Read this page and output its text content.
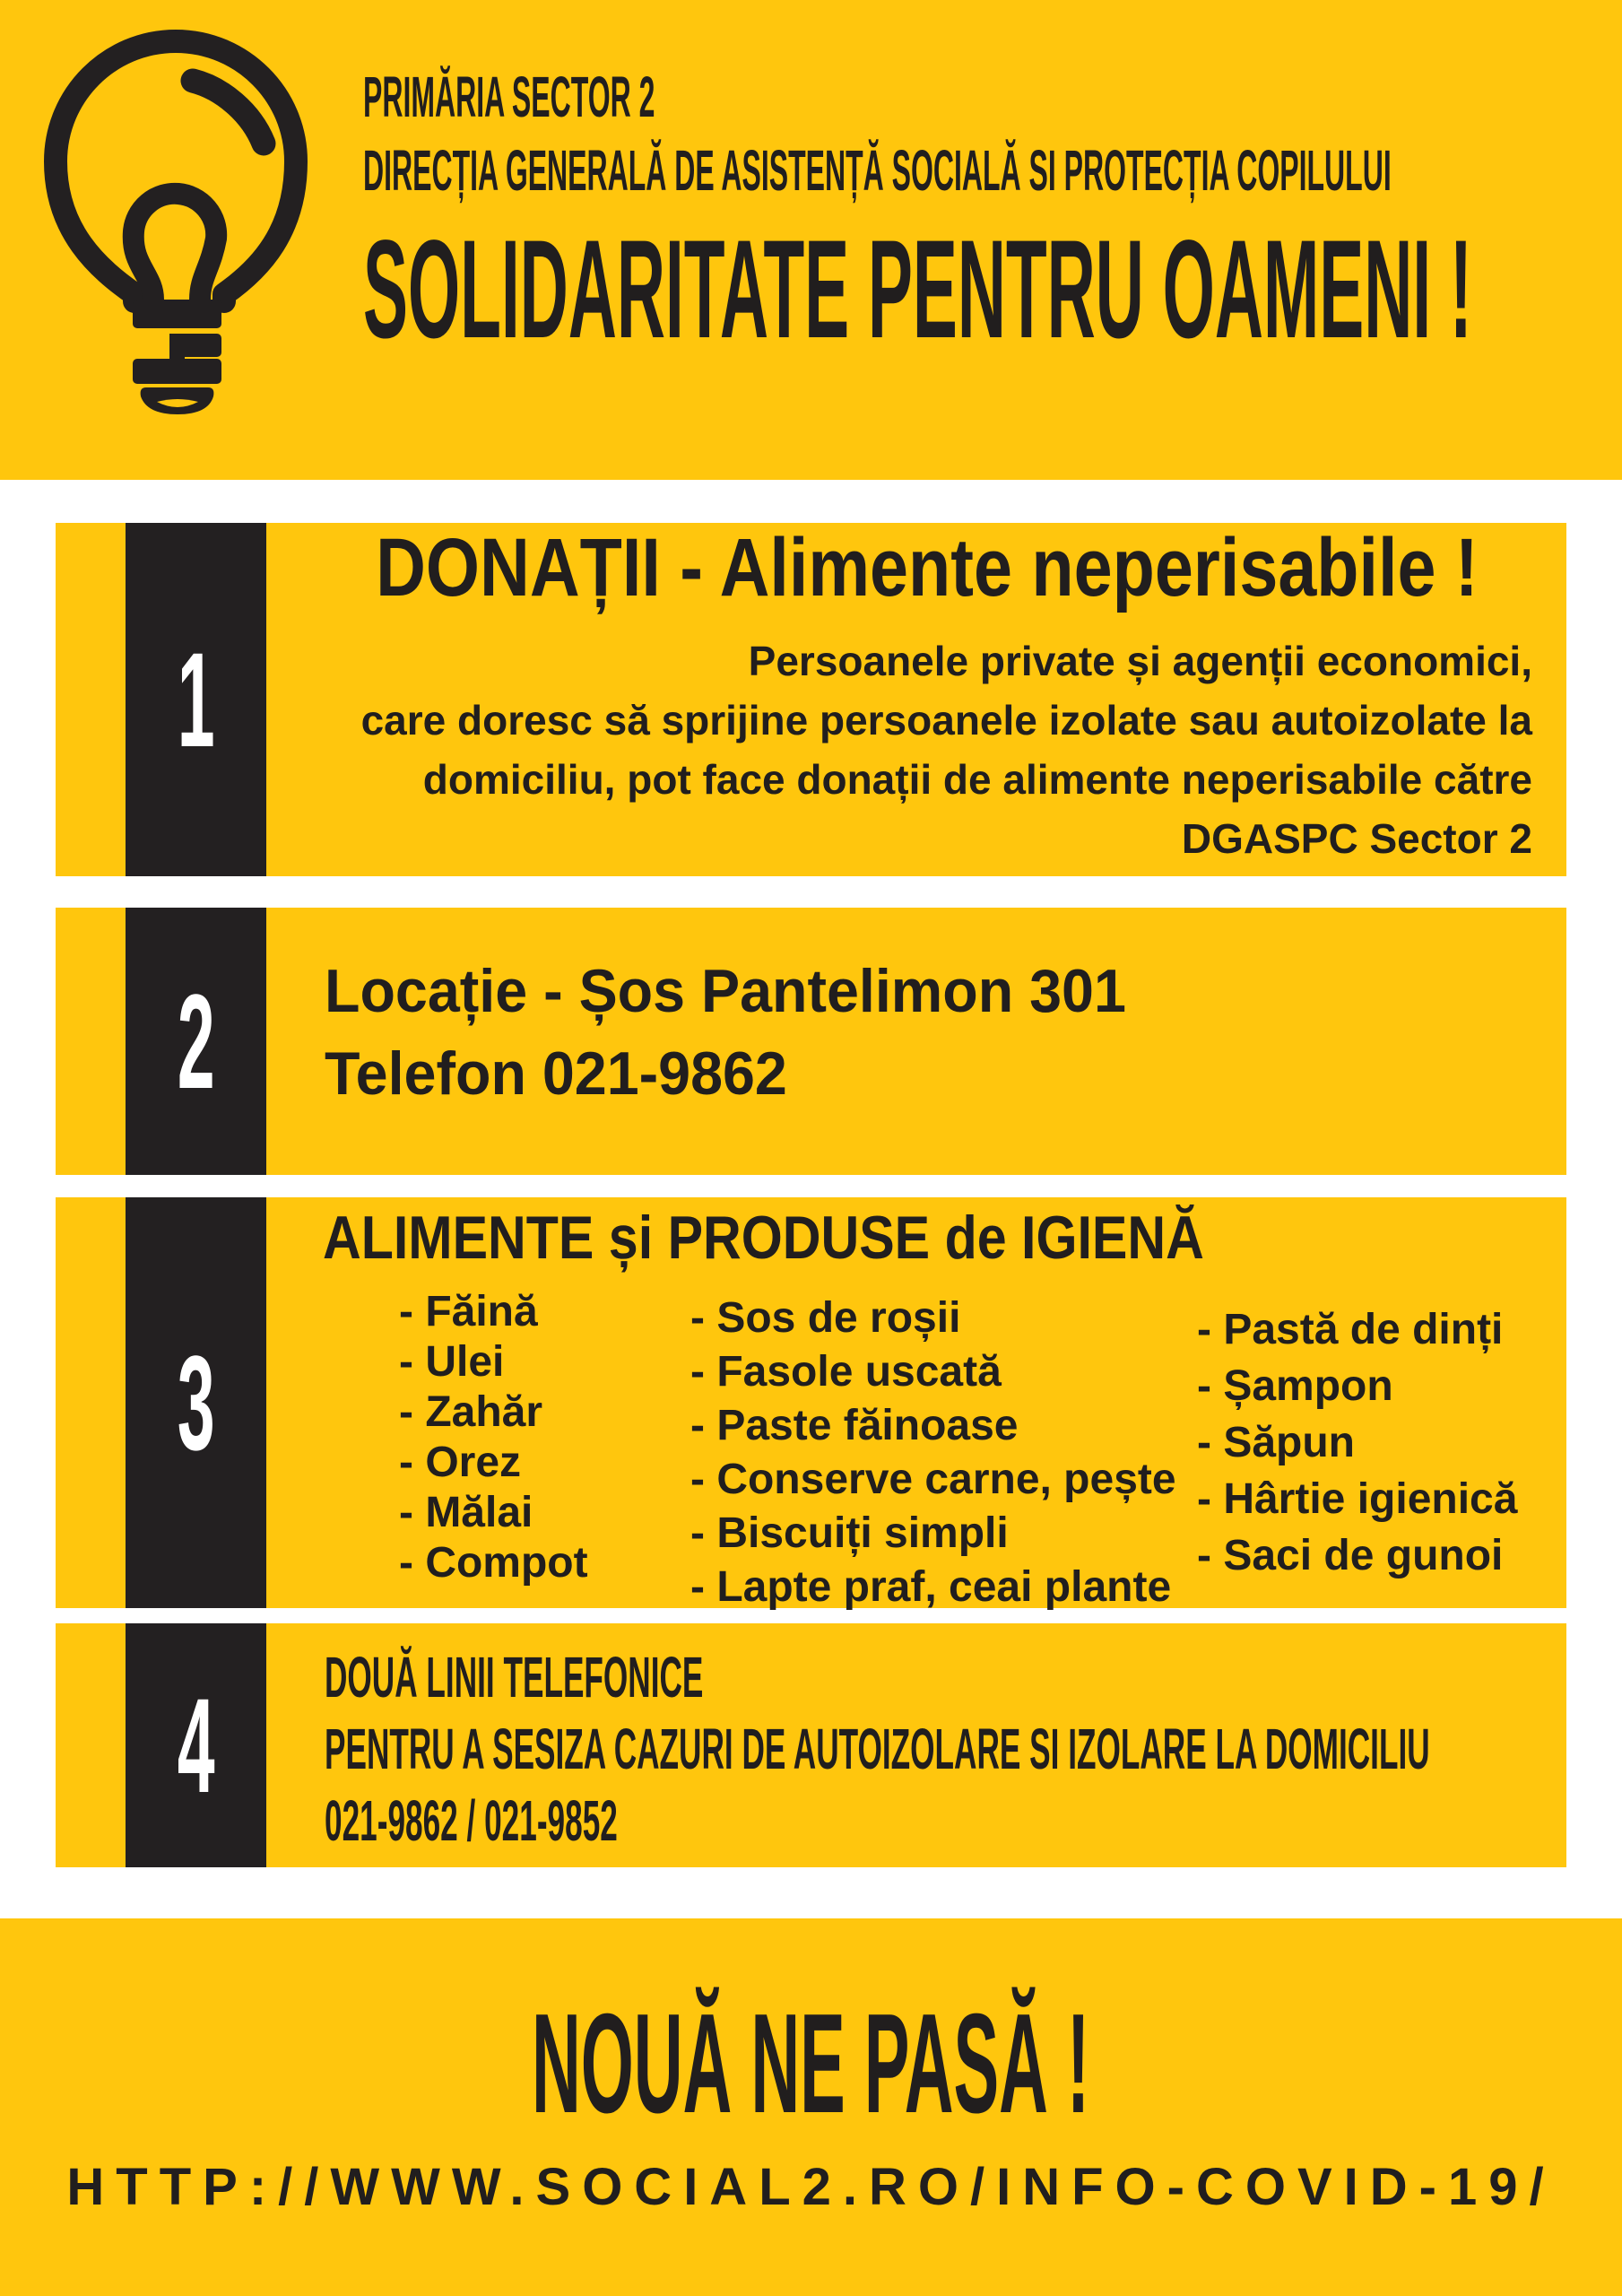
PRIMĂRIA SECTOR 2
DIRECȚIA GENERALĂ DE ASISTENȚĂ SOCIALĂ SI PROTECȚIA COPILULUI
SOLIDARITATE PENTRU OAMENI !
1
DONAȚII - Alimente neperisabile !
Persoanele private și agenții economici,
care doresc să sprijine persoanele izolate sau autoizolate la
domiciliu, pot face donații de alimente neperisabile către
DGASPC Sector 2
2 Locație - Șos Pantelimon 301
Telefon 021-9862
3
ALIMENTE și PRODUSE de IGIENĂ
- Făină
- Ulei
- Zahăr
- Orez
- Mălai
- Compot
- Sos de roșii
- Fasole uscată
- Paste făinoase
- Conserve carne, pește
- Biscuiți simpli
- Lapte praf, ceai plante
- Pastă de dinți
- Șampon
- Săpun
- Hârtie igienică
- Saci de gunoi
4 DOUĂ LINII TELEFONICE
PENTRU A SESIZA CAZURI DE AUTOIZOLARE SI IZOLARE LA DOMICILIU
021-9862 / 021-9852
NOUĂ NE PASĂ !
HTTP://WWW.SOCIAL2.RO/INFO-COVID-19/
